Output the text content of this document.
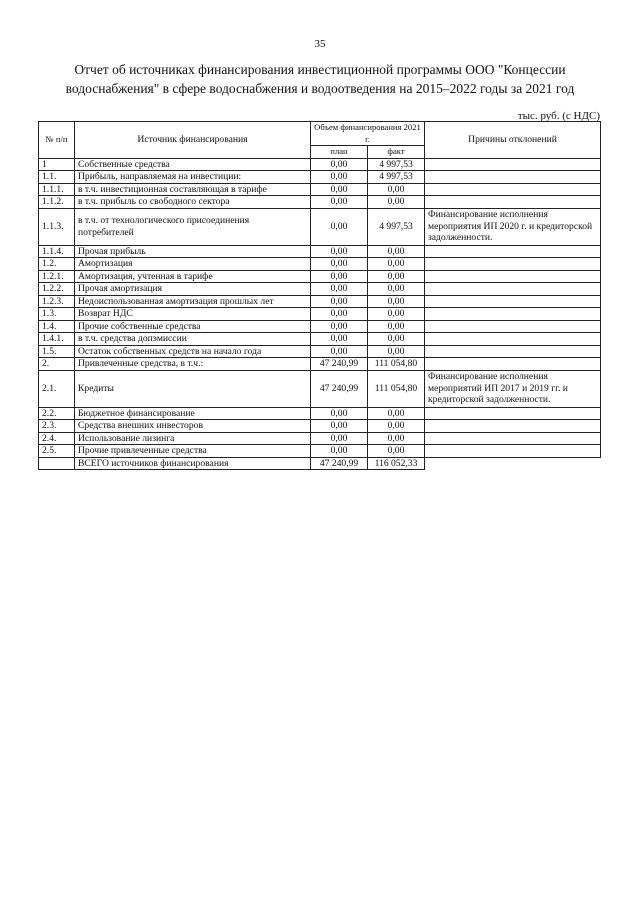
35
Отчет об источниках финансирования инвестиционной программы ООО "Концессии
водоснабжения" в сфере водоснабжения и водоотведения на 2015–2022 годы за 2021 год
тыс. руб. (с НДС)
№ п/п	Источник финансирования	Объем финансирования 2021 г.		Причины отклонений
		план	факт	
1	Собственные средства	0,00	4 997,53	
1.1.	Прибыль, направляемая на инвестиции:	0,00	4 997,53	
1.1.1.	в т.ч. инвестиционная составляющая в тарифе	0,00	0,00	
1.1.2.	в т.ч. прибыль со свободного сектора	0,00	0,00	
1.1.3.	в т.ч. от технологического присоединения потребителей	0,00	4 997,53	Финансирование исполнения мероприятия ИП 2020 г. и кредиторской задолженности.
1.1.4.	Прочая прибыль	0,00	0,00	
1.2.	Амортизация	0,00	0,00	
1.2.1.	Амортизация, учтенная в тарифе	0,00	0,00	
1.2.2.	Прочая амортизация	0,00	0,00	
1.2.3.	Недоиспользованная амортизация прошлых лет	0,00	0,00	
1.3.	Возврат НДС	0,00	0,00	
1.4.	Прочие собственные средства	0,00	0,00	
1.4.1.	в т.ч. средства допэмиссии	0,00	0,00	
1.5.	Остаток собственных средств на начало года	0,00	0,00	
2.	Привлеченные средства, в т.ч.:	47 240,99	111 054,80	
2.1.	Кредиты	47 240,99	111 054,80	Финансирование исполнения мероприятий ИП 2017 и 2019 гг. и кредиторской задолженности.
2.2.	Бюджетное финансирование	0,00	0,00	
2.3.	Средства внешних инвесторов	0,00	0,00	
2.4.	Использование лизинга	0,00	0,00	
2.5.	Прочие привлеченные средства	0,00	0,00	
	ВСЕГО источников финансирования	47 240,99	116 052,33	
